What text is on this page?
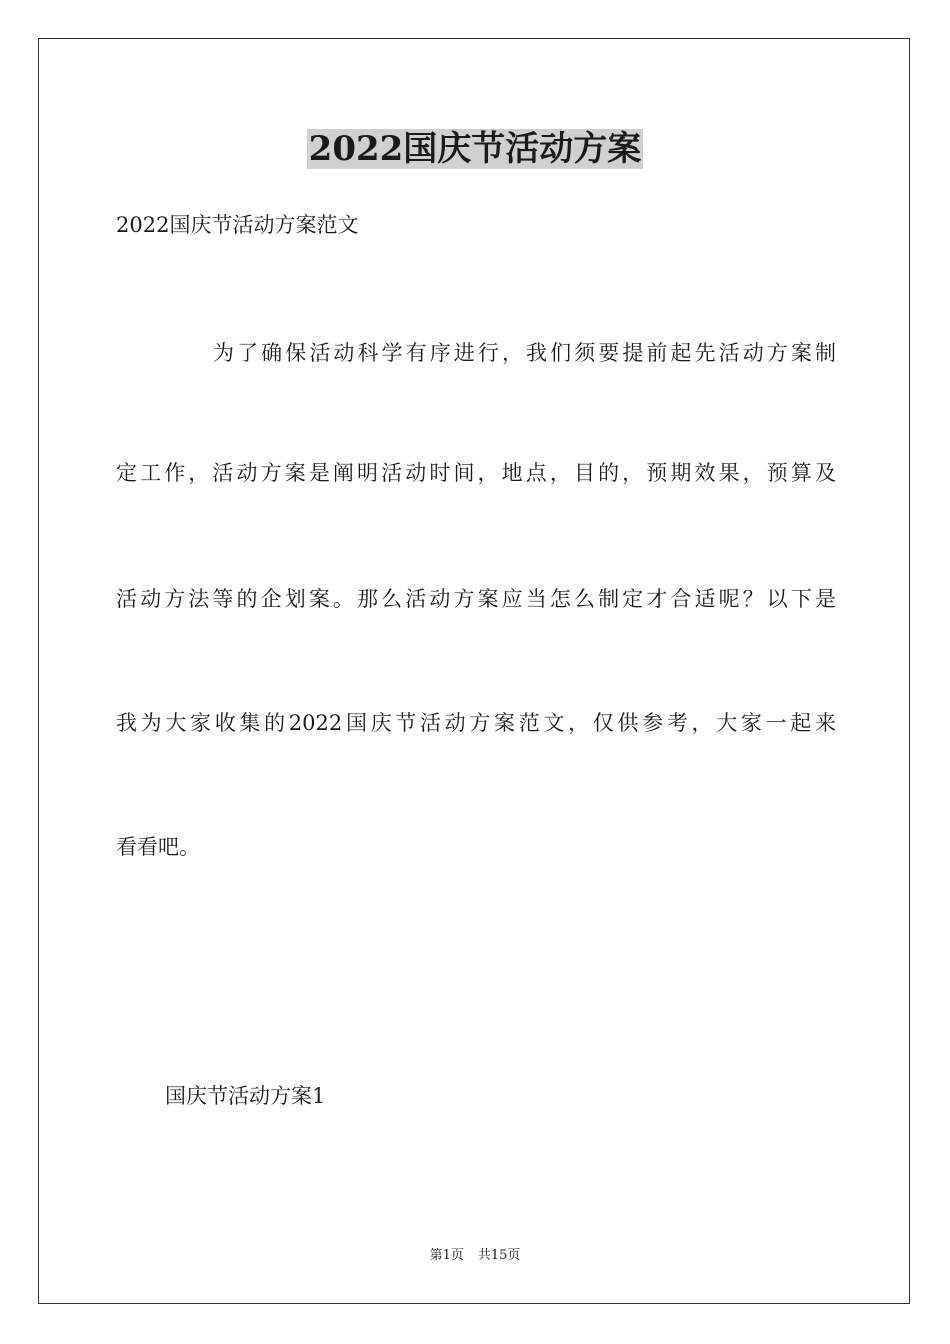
2022国庆节活动方案

2022国庆节活动方案范文

为了确保活动科学有序进行，我们须要提前起先活动方案制

定工作，活动方案是阐明活动时间，地点，目的，预期效果，预算及

活动方法等的企划案。那么活动方案应当怎么制定才合适呢？以下是

我为大家收集的2022国庆节活动方案范文，仅供参考，大家一起来

看看吧。

国庆节活动方案1

第1页 共15页
